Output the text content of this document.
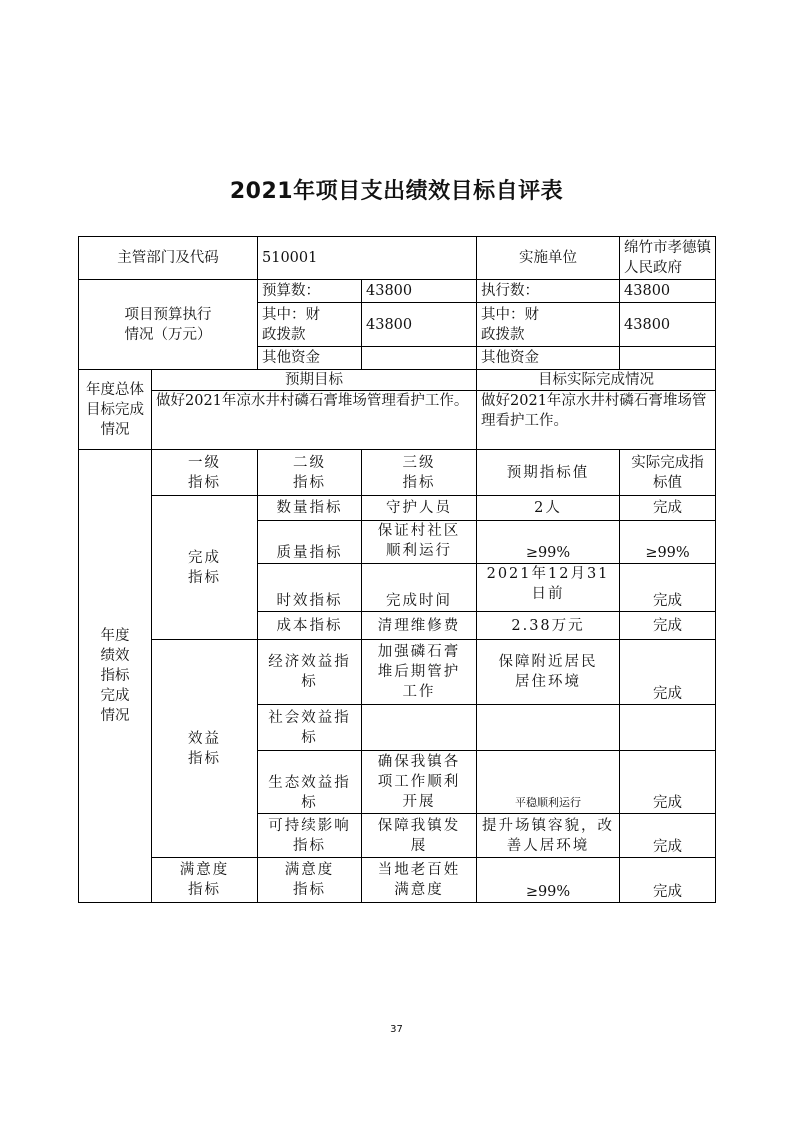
2021年项目支出绩效目标自评表
主管部门及代码		510001		实施单位	绵竹市孝德镇人民政府

项目预算执行情况（万元）		预算数：	43800	执行数：	43800

		其中：财政拨款	43800	其中：财政拨款	43800
		其他资金		其他资金	

年度总体目标完成情况	预期目标			目标实际完成情况	
	做好2021年凉水井村磷石膏堆场管理看护工作。			做好2021年凉水井村磷石膏堆场管理看护工作。	

年度绩效指标完成情况	一级指标	二级指标	三级指标	预期指标值	实际完成指标值

	完成指标	数量指标	守护人员	2人	完成
		质量指标	保证村社区顺利运行	≥99%	≥99%
		时效指标	完成时间	2021年12月31日前	完成
		成本指标	清理维修费	2.38万元	完成

	效益指标	经济效益指标	加强磷石膏堆后期管护工作	保障附近居民居住环境	完成

		社会效益指标			

		生态效益指标	确保我镇各项工作顺利开展	平稳顺利运行	完成

		可持续影响 指标	保障我镇发展	提升场镇容貌，改善人居环境	完成

	满意度指标	满意度指标	当地老百姓满意度	≥99%	完成
37
